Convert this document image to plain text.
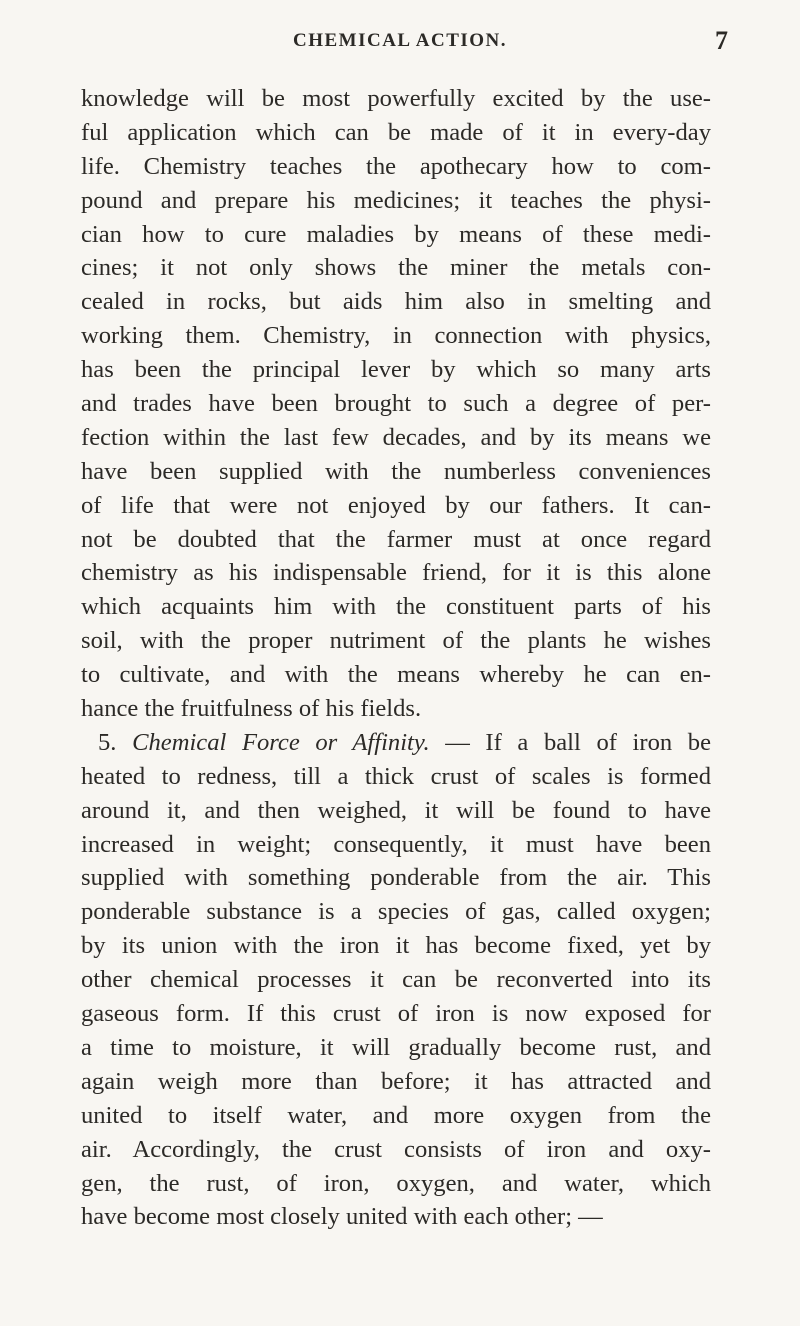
CHEMICAL ACTION.	7
knowledge will be most powerfully excited by the use-
ful application which can be made of it in every-day
life. Chemistry teaches the apothecary how to com-
pound and prepare his medicines; it teaches the physi-
cian how to cure maladies by means of these medi-
cines; it not only shows the miner the metals con-
cealed in rocks, but aids him also in smelting and
working them. Chemistry, in connection with physics,
has been the principal lever by which so many arts
and trades have been brought to such a degree of per-
fection within the last few decades, and by its means we
have been supplied with the numberless conveniences
of life that were not enjoyed by our fathers. It can-
not be doubted that the farmer must at once regard
chemistry as his indispensable friend, for it is this alone
which acquaints him with the constituent parts of his
soil, with the proper nutriment of the plants he wishes
to cultivate, and with the means whereby he can en-
hance the fruitfulness of his fields.
5. Chemical Force or Affinity. — If a ball of iron be
heated to redness, till a thick crust of scales is formed
around it, and then weighed, it will be found to have
increased in weight; consequently, it must have been
supplied with something ponderable from the air. This
ponderable substance is a species of gas, called oxygen;
by its union with the iron it has become fixed, yet by
other chemical processes it can be reconverted into its
gaseous form. If this crust of iron is now exposed for
a time to moisture, it will gradually become rust, and
again weigh more than before; it has attracted and
united to itself water, and more oxygen from the
air. Accordingly, the crust consists of iron and oxy-
gen, the rust, of iron, oxygen, and water, which
have become most closely united with each other; —
